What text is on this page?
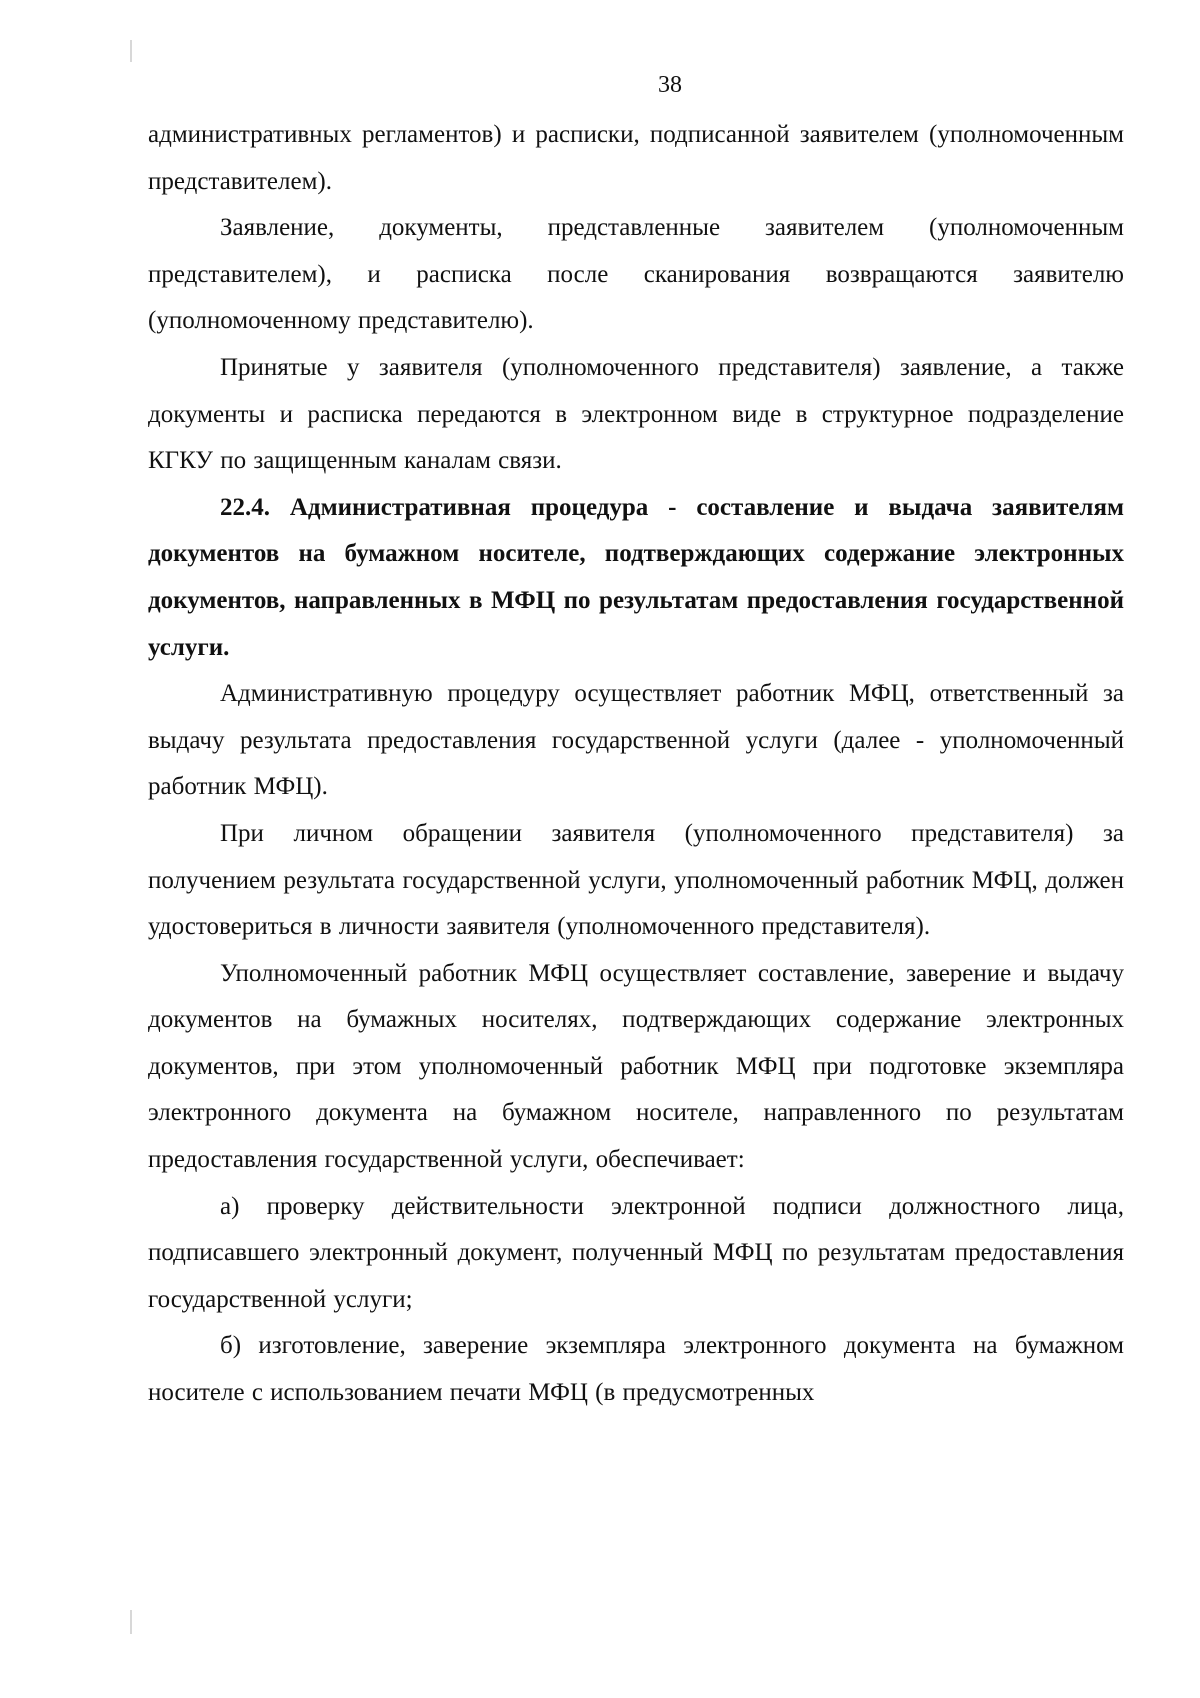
38

административных регламентов) и расписки, подписанной заявителем (уполномоченным представителем).

Заявление, документы, представленные заявителем (уполномоченным представителем), и расписка после сканирования возвращаются заявителю (уполномоченному представителю).

Принятые у заявителя (уполномоченного представителя) заявление, а также документы и расписка передаются в электронном виде в структурное подразделение КГКУ по защищенным каналам связи.

22.4. Административная процедура - составление и выдача заявителям документов на бумажном носителе, подтверждающих содержание электронных документов, направленных в МФЦ по результатам предоставления государственной услуги.

Административную процедуру осуществляет работник МФЦ, ответственный за выдачу результата предоставления государственной услуги (далее - уполномоченный работник МФЦ).

При личном обращении заявителя (уполномоченного представителя) за получением результата государственной услуги, уполномоченный работник МФЦ, должен удостовериться в личности заявителя (уполномоченного представителя).

Уполномоченный работник МФЦ осуществляет составление, заверение и выдачу документов на бумажных носителях, подтверждающих содержание электронных документов, при этом уполномоченный работник МФЦ при подготовке экземпляра электронного документа на бумажном носителе, направленного по результатам предоставления государственной услуги, обеспечивает:

а) проверку действительности электронной подписи должностного лица, подписавшего электронный документ, полученный МФЦ по результатам предоставления государственной услуги;

б) изготовление, заверение экземпляра электронного документа на бумажном носителе с использованием печати МФЦ (в предусмотренных
